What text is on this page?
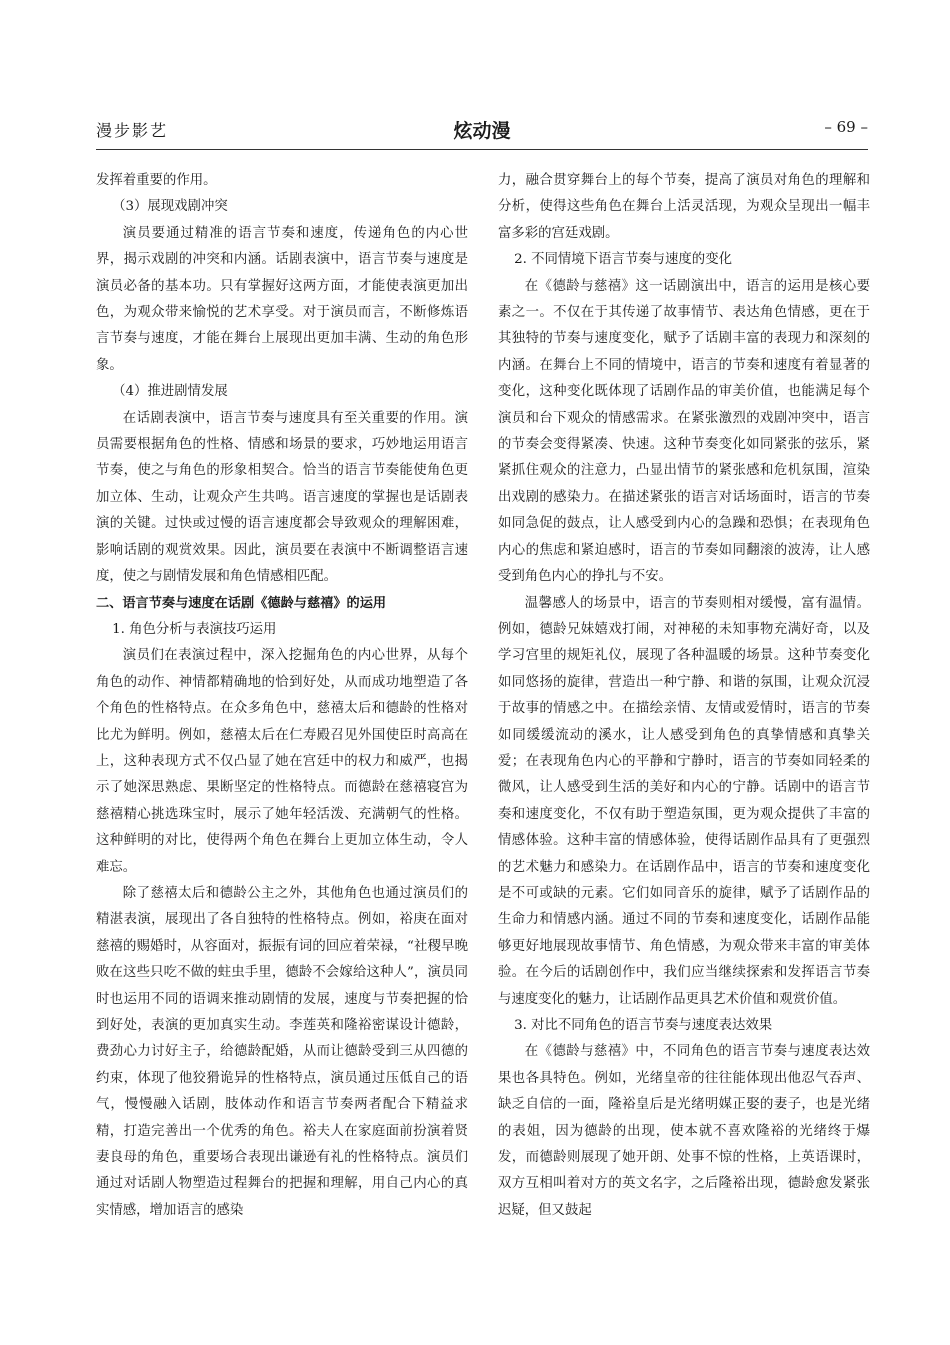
漫步影艺	炫动漫	– 69 –

发挥着重要的作用。

（3）展现戏剧冲突

演员要通过精准的语言节奏和速度，传递角色的内心世界，揭示戏剧的冲突和内涵。话剧表演中，语言节奏与速度是演员必备的基本功。只有掌握好这两方面，才能使表演更加出色，为观众带来愉悦的艺术享受。对于演员而言，不断修炼语言节奏与速度，才能在舞台上展现出更加丰满、生动的角色形象。

（4）推进剧情发展

在话剧表演中，语言节奏与速度具有至关重要的作用。演员需要根据角色的性格、情感和场景的要求，巧妙地运用语言节奏，使之与角色的形象相契合。恰当的语言节奏能使角色更加立体、生动，让观众产生共鸣。语言速度的掌握也是话剧表演的关键。过快或过慢的语言速度都会导致观众的理解困难，影响话剧的观赏效果。因此，演员要在表演中不断调整语言速度，使之与剧情发展和角色情感相匹配。

二、语言节奏与速度在话剧《德龄与慈禧》的运用

1. 角色分析与表演技巧运用

演员们在表演过程中，深入挖掘角色的内心世界，从每个角色的动作、神情都精确地的恰到好处，从而成功地塑造了各个角色的性格特点。在众多角色中，慈禧太后和德龄的性格对比尤为鲜明。例如，慈禧太后在仁寿殿召见外国使臣时高高在上，这种表现方式不仅凸显了她在宫廷中的权力和威严，也揭示了她深思熟虑、果断坚定的性格特点。而德龄在慈禧寝宫为慈禧精心挑选珠宝时，展示了她年轻活泼、充满朝气的性格。这种鲜明的对比，使得两个角色在舞台上更加立体生动，令人难忘。

除了慈禧太后和德龄公主之外，其他角色也通过演员们的精湛表演，展现出了各自独特的性格特点。例如，裕庚在面对慈禧的赐婚时，从容面对，振振有词的回应着荣禄，“社稷早晚败在这些只吃不做的蛀虫手里，德龄不会嫁给这种人”，演员同时也运用不同的语调来推动剧情的发展，速度与节奏把握的恰到好处，表演的更加真实生动。李莲英和隆裕密谋设计德龄，费劲心力讨好主子，给德龄配婚，从而让德龄受到三从四德的约束，体现了他狡猾诡异的性格特点，演员通过压低自己的语气，慢慢融入话剧，肢体动作和语言节奏两者配合下精益求精，打造完善出一个优秀的角色。裕夫人在家庭面前扮演着贤妻良母的角色，重要场合表现出谦逊有礼的性格特点。演员们通过对话剧人物塑造过程舞台的把握和理解，用自己内心的真实情感，增加语言的感染

力，融合贯穿舞台上的每个节奏，提高了演员对角色的理解和分析，使得这些角色在舞台上活灵活现，为观众呈现出一幅丰富多彩的宫廷戏剧。

2. 不同情境下语言节奏与速度的变化

在《德龄与慈禧》这一话剧演出中，语言的运用是核心要素之一。不仅在于其传递了故事情节、表达角色情感，更在于其独特的节奏与速度变化，赋予了话剧丰富的表现力和深刻的内涵。在舞台上不同的情境中，语言的节奏和速度有着显著的变化，这种变化既体现了话剧作品的审美价值，也能满足每个演员和台下观众的情感需求。在紧张激烈的戏剧冲突中，语言的节奏会变得紧凑、快速。这种节奏变化如同紧张的弦乐，紧紧抓住观众的注意力，凸显出情节的紧张感和危机氛围，渲染出戏剧的感染力。在描述紧张的语言对话场面时，语言的节奏如同急促的鼓点，让人感受到内心的急躁和恐惧；在表现角色内心的焦虑和紧迫感时，语言的节奏如同翻滚的波涛，让人感受到角色内心的挣扎与不安。

温馨感人的场景中，语言的节奏则相对缓慢，富有温情。例如，德龄兄妹嬉戏打闹，对神秘的未知事物充满好奇，以及学习宫里的规矩礼仪，展现了各种温暖的场景。这种节奏变化如同悠扬的旋律，营造出一种宁静、和谐的氛围，让观众沉浸于故事的情感之中。在描绘亲情、友情或爱情时，语言的节奏如同缓缓流动的溪水，让人感受到角色的真挚情感和真挚关爱；在表现角色内心的平静和宁静时，语言的节奏如同轻柔的微风，让人感受到生活的美好和内心的宁静。话剧中的语言节奏和速度变化，不仅有助于塑造氛围，更为观众提供了丰富的情感体验。这种丰富的情感体验，使得话剧作品具有了更强烈的艺术魅力和感染力。在话剧作品中，语言的节奏和速度变化是不可或缺的元素。它们如同音乐的旋律，赋予了话剧作品的生命力和情感内涵。通过不同的节奏和速度变化，话剧作品能够更好地展现故事情节、角色情感，为观众带来丰富的审美体验。在今后的话剧创作中，我们应当继续探索和发挥语言节奏与速度变化的魅力，让话剧作品更具艺术价值和观赏价值。

3. 对比不同角色的语言节奏与速度表达效果

在《德龄与慈禧》中，不同角色的语言节奏与速度表达效果也各具特色。例如，光绪皇帝的往往能体现出他忍气吞声、缺乏自信的一面，隆裕皇后是光绪明媒正娶的妻子，也是光绪的表姐，因为德龄的出现，使本就不喜欢隆裕的光绪终于爆发，而德龄则展现了她开朗、处事不惊的性格，上英语课时，双方互相叫着对方的英文名字，之后隆裕出现，德龄愈发紧张迟疑，但又鼓起
